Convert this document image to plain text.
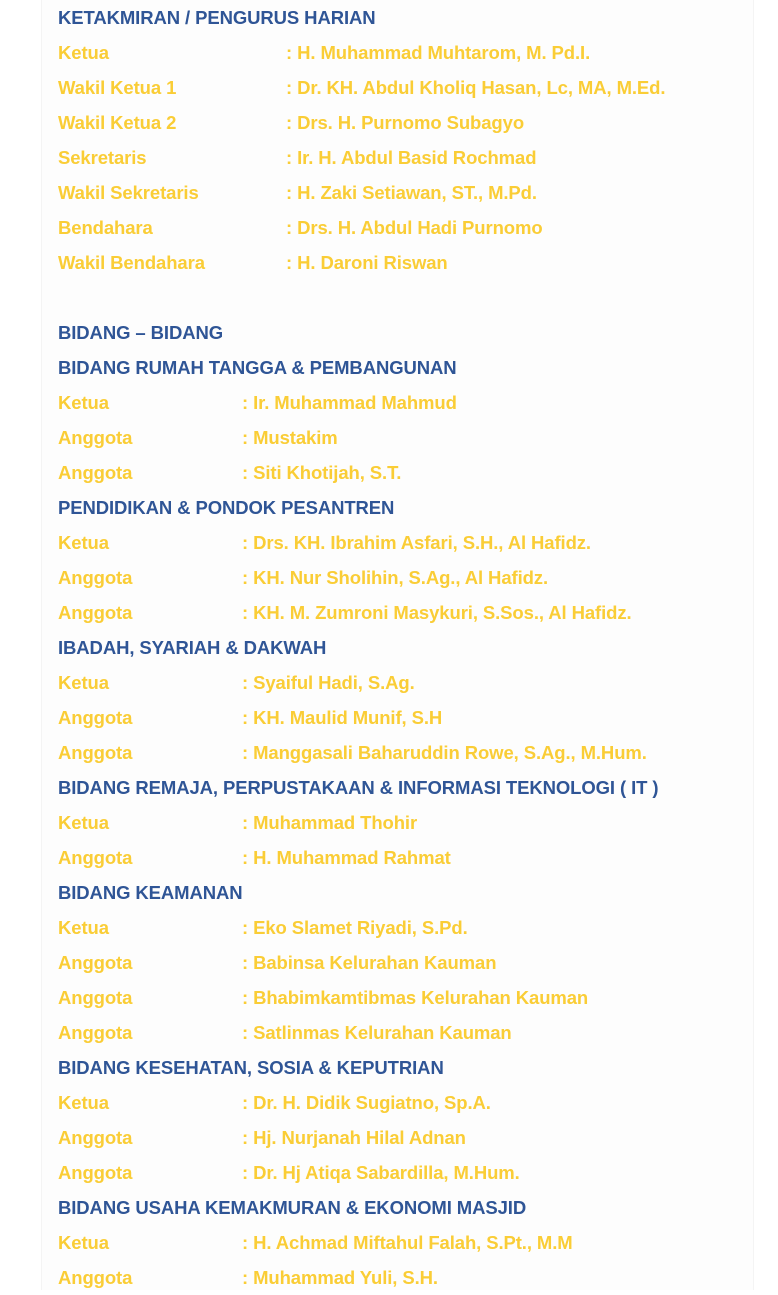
KETAKMIRAN / PENGURUS HARIAN
Ketua	: H. Muhammad Muhtarom, M. Pd.I.
Wakil Ketua 1	: Dr. KH. Abdul Kholiq Hasan, Lc, MA, M.Ed.
Wakil Ketua 2	: Drs. H. Purnomo Subagyo
Sekretaris	: Ir. H. Abdul Basid Rochmad
Wakil Sekretaris	: H. Zaki Setiawan, ST., M.Pd.
Bendahara	: Drs. H. Abdul Hadi Purnomo
Wakil Bendahara	: H. Daroni Riswan
BIDANG – BIDANG
BIDANG RUMAH TANGGA & PEMBANGUNAN
Ketua	: Ir. Muhammad Mahmud
Anggota	: Mustakim
Anggota	: Siti Khotijah, S.T.
PENDIDIKAN & PONDOK PESANTREN
Ketua	: Drs. KH. Ibrahim Asfari, S.H., Al Hafidz.
Anggota	: KH. Nur Sholihin, S.Ag., Al Hafidz.
Anggota	: KH. M. Zumroni Masykuri, S.Sos., Al Hafidz.
IBADAH, SYARIAH & DAKWAH
Ketua	: Syaiful Hadi, S.Ag.
Anggota	: KH. Maulid Munif, S.H
Anggota	: Manggasali Baharuddin Rowe, S.Ag., M.Hum.
BIDANG REMAJA, PERPUSTAKAAN & INFORMASI TEKNOLOGI ( IT )
Ketua	: Muhammad Thohir
Anggota	: H. Muhammad Rahmat
BIDANG KEAMANAN
Ketua	: Eko Slamet Riyadi, S.Pd.
Anggota	: Babinsa Kelurahan Kauman
Anggota	: Bhabimkamtibmas Kelurahan Kauman
Anggota	: Satlinmas Kelurahan Kauman
BIDANG KESEHATAN, SOSIA & KEPUTRIAN
Ketua	: Dr. H. Didik Sugiatno, Sp.A.
Anggota	: Hj. Nurjanah Hilal Adnan
Anggota	: Dr. Hj Atiqa Sabardilla, M.Hum.
BIDANG USAHA KEMAKMURAN & EKONOMI MASJID
Ketua	: H. Achmad Miftahul Falah, S.Pt., M.M
Anggota	: Muhammad Yuli, S.H.
